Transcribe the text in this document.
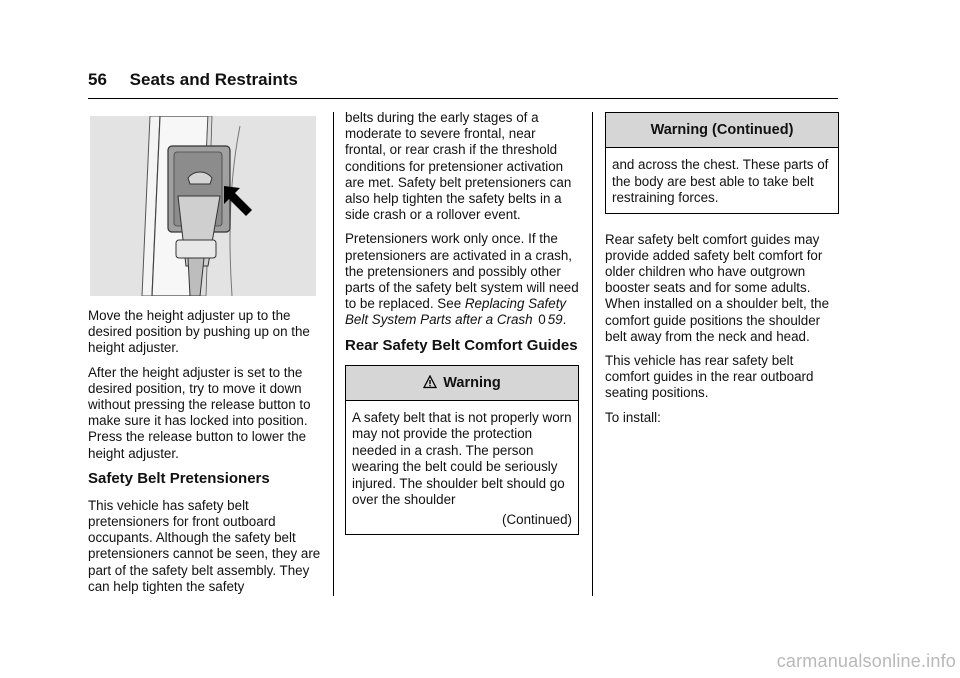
56 Seats and Restraints

Move the height adjuster up to the desired position by pushing up on the height adjuster.

After the height adjuster is set to the desired position, try to move it down without pressing the release button to make sure it has locked into position. Press the release button to lower the height adjuster.

Safety Belt Pretensioners

This vehicle has safety belt pretensioners for front outboard occupants. Although the safety belt pretensioners cannot be seen, they are part of the safety belt assembly. They can help tighten the safety

belts during the early stages of a moderate to severe frontal, near frontal, or rear crash if the threshold conditions for pretensioner activation are met. Safety belt pretensioners can also help tighten the safety belts in a side crash or a rollover event.

Pretensioners work only once. If the pretensioners are activated in a crash, the pretensioners and possibly other parts of the safety belt system will need to be replaced. See Replacing Safety Belt System Parts after a Crash 0 59.

Rear Safety Belt Comfort Guides
Warning
A safety belt that is not properly worn may not provide the protection needed in a crash. The person wearing the belt could be seriously injured. The shoulder belt should go over the shoulder
(Continued)
Warning (Continued)
and across the chest. These parts of the body are best able to take belt restraining forces.

Rear safety belt comfort guides may provide added safety belt comfort for older children who have outgrown booster seats and for some adults. When installed on a shoulder belt, the comfort guide positions the shoulder belt away from the neck and head.

This vehicle has rear safety belt comfort guides in the rear outboard seating positions.

To install:

carmanualsonline.info
